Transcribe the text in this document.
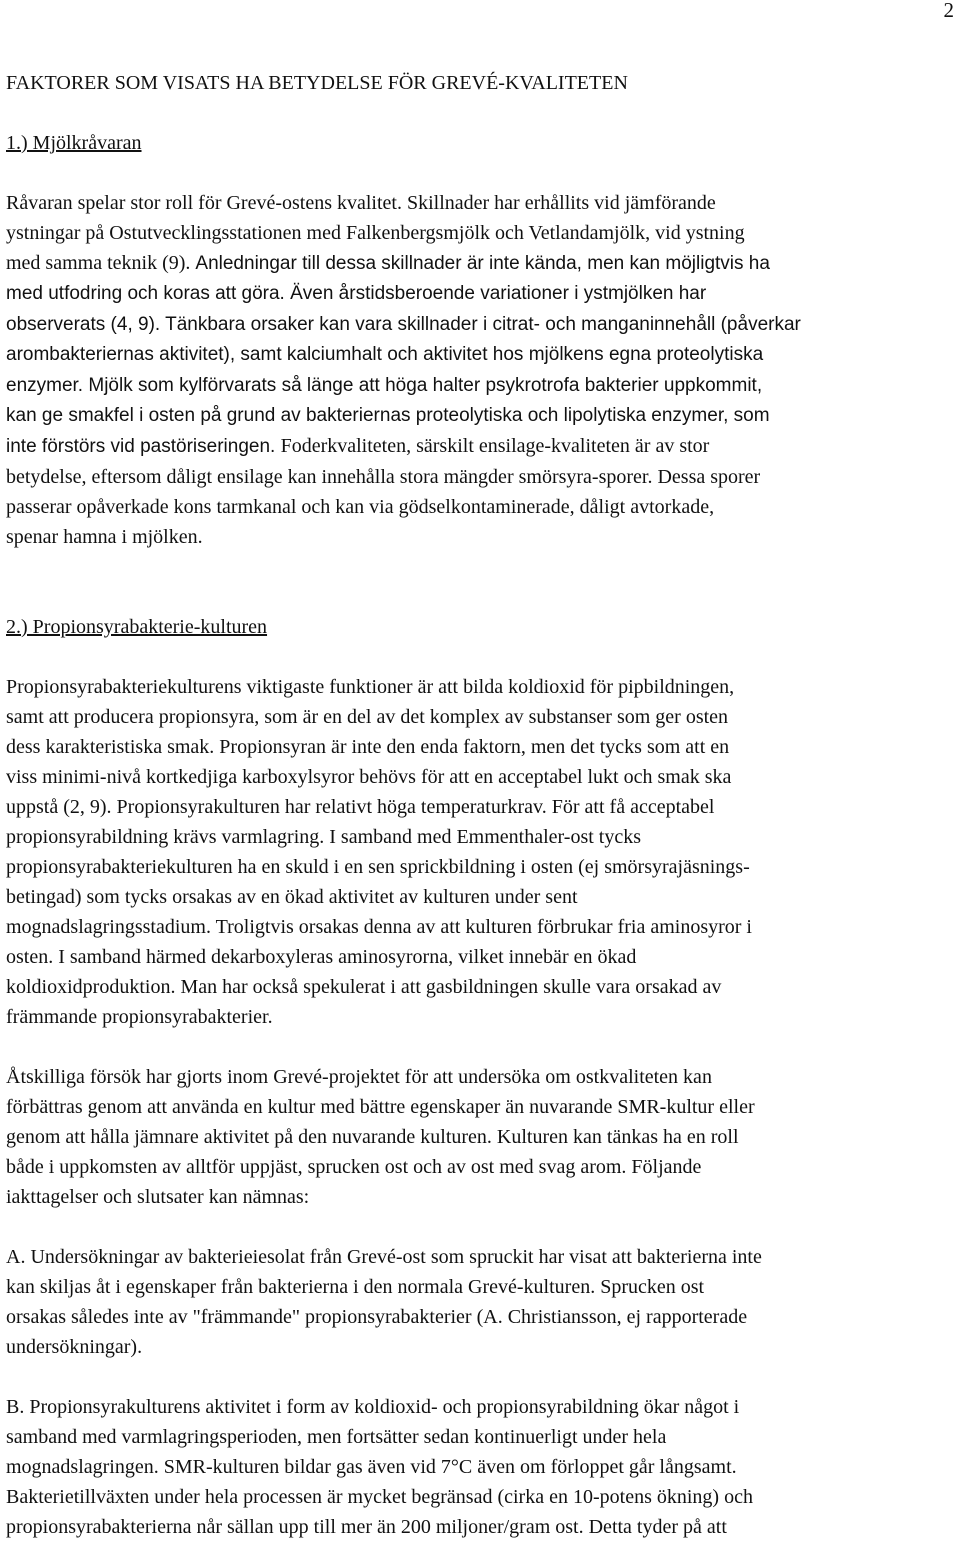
2

FAKTORER SOM VISATS HA BETYDELSE FÖR GREVÉ-KVALITETEN

1.) Mjölkråvaran

Råvaran spelar stor roll för Grevé-ostens kvalitet. Skillnader har erhållits vid jämförande
ystningar på Ostutvecklingsstationen med Falkenbergsmjölk och Vetlandamjölk, vid ystning
med samma teknik (9). Anledningar till dessa skillnader är inte kända, men kan möjligtvis ha
med utfodring och koras att göra. Även årstidsberoende variationer i ystmjölken har
observerats (4, 9). Tänkbara orsaker kan vara skillnader i citrat- och manganinnehåll (påverkar
arombakteriernas aktivitet), samt kalciumhalt och aktivitet hos mjölkens egna proteolytiska
enzymer. Mjölk som kylförvarats så länge att höga halter psykrotrofa bakterier uppkommit,
kan ge smakfel i osten på grund av bakteriernas proteolytiska och lipolytiska enzymer, som
inte förstörs vid pastöriseringen. Foderkvaliteten, särskilt ensilage-kvaliteten är av stor
betydelse, eftersom dåligt ensilage kan innehålla stora mängder smörsyra-sporer. Dessa sporer
passerar opåverkade kons tarmkanal och kan via gödselkontaminerade, dåligt avtorkade,
spenar hamna i mjölken.

2.) Propionsyrabakterie-kulturen

Propionsyrabakteriekulturens viktigaste funktioner är att bilda koldioxid för pipbildningen,
samt att producera propionsyra, som är en del av det komplex av substanser som ger osten
dess karakteristiska smak. Propionsyran är inte den enda faktorn, men det tycks som att en
viss minimi-nivå kortkedjiga karboxylsyror behövs för att en acceptabel lukt och smak ska
uppstå (2, 9). Propionsyrakulturen har relativt höga temperaturkrav. För att få acceptabel
propionsyrabildning krävs varmlagring. I samband med Emmenthaler-ost tycks
propionsyrabakteriekulturen ha en skuld i en sen sprickbildning i osten (ej smörsyrajäsnings-
betingad) som tycks orsakas av en ökad aktivitet av kulturen under sent
mognadslagringsstadium. Troligtvis orsakas denna av att kulturen förbrukar fria aminosyror i
osten. I samband härmed dekarboxyleras aminosyrorna, vilket innebär en ökad
koldioxidproduktion. Man har också spekulerat i att gasbildningen skulle vara orsakad av
främmande propionsyrabakterier.
Åtskilliga försök har gjorts inom Grevé-projektet för att undersöka om ostkvaliteten kan
förbättras genom att använda en kultur med bättre egenskaper än nuvarande SMR-kultur eller
genom att hålla jämnare aktivitet på den nuvarande kulturen. Kulturen kan tänkas ha en roll
både i uppkomsten av alltför uppjäst, sprucken ost och av ost med svag arom. Följande
iakttagelser och slutsater kan nämnas:
A. Undersökningar av bakterieiesolat från Grevé-ost som spruckit har visat att bakterierna inte
kan skiljas åt i egenskaper från bakterierna i den normala Grevé-kulturen. Sprucken ost
orsakas således inte av "främmande" propionsyrabakterier (A. Christiansson, ej rapporterade
undersökningar).
B. Propionsyrakulturens aktivitet i form av koldioxid- och propionsyrabildning ökar något i
samband med varmlagringsperioden, men fortsätter sedan kontinuerligt under hela
mognadslagringen. SMR-kulturen bildar gas även vid 7°C även om förloppet går långsamt.
Bakterietillväxten under hela processen är mycket begränsad (cirka en 10-potens ökning) och
propionsyrabakterierna når sällan upp till mer än 200 miljoner/gram ost. Detta tyder på att
